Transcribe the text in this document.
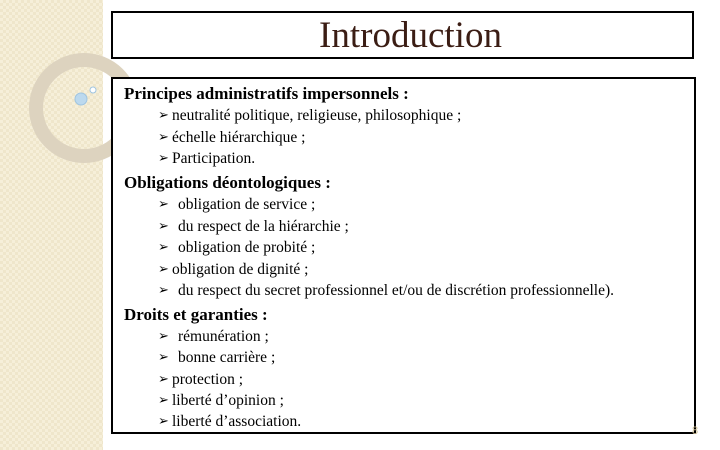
Introduction
Principes administratifs impersonnels :
➢ neutralité politique, religieuse, philosophique ;
➢ échelle hiérarchique ;
➢ Participation.
Obligations déontologiques :
➢ obligation de service ;
➢ du respect de la hiérarchie ;
➢ obligation de probité ;
➢ obligation de dignité ;
➢ du respect du secret professionnel et/ou de discrétion professionnelle).
Droits et garanties :
➢ rémunération ;
➢ bonne carrière ;
➢ protection ;
➢ liberté d’opinion ;
➢ liberté d’association.
8
